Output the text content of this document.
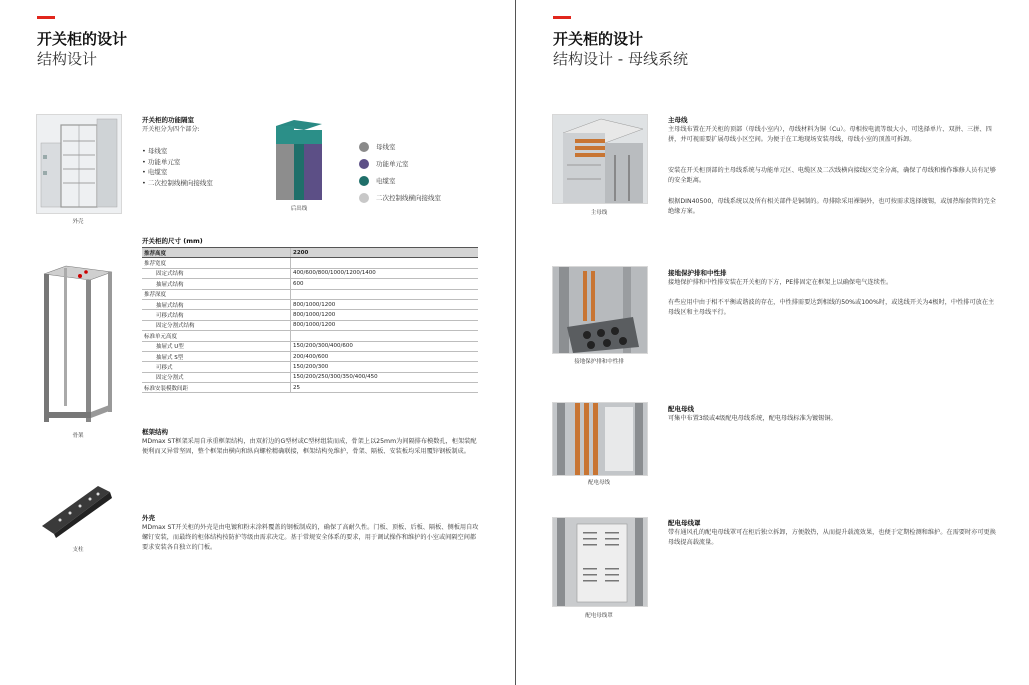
开关柜的设计
结构设计
外壳
开关柜的功能隔室
开关柜分为四个部分:
• 母线室
• 功能单元室
• 电缆室
• 二次控制线横向接线室
后出线
母线室
功能单元室
电缆室
二次控制线横向接线室
开关柜的尺寸 (mm)
推荐高度	2200
推荐宽度	
固定式结构	400/600/800/1000/1200/1400
抽屉式结构	600
推荐深度	
抽屉式结构	800/1000/1200
可移式结构	800/1000/1200
固定分割式结构	800/1000/1200
标准单元高度	
抽屉式 U型	150/200/300/400/600
抽屉式 S型	200/400/600
可移式	150/200/300
固定分割式	150/200/250/300/350/400/450
标准安装模数间距	25
骨架	框架结构
MDmax ST框架采用自承重框架结构，由双折边的G型材或C型材组装而成，骨架上以25mm为间隔排布模数孔，柜架装配便利而又异常坚固，整个框架由横向和纵向螺栓精确联接，框架结构免维护，骨架、隔板、安装板均采用覆锌钢板制成。
支柱
外壳
MDmax ST开关柜的外壳是由电镀和粉末涂料覆盖的钢板制成的，确保了高耐久性。门板、顶板、后板、隔板、侧板用自攻螺钉安装，而最终的柜体结构按防护等级由需求决定。基于常规安全体系的要求，用于调试操作和维护的小室或间隔空间都要求安装各自独立的门板。
开关柜的设计
结构设计 - 母线系统
主母线
主母线
主母线布置在开关柜的顶部（母线小室内），母线材料为铜（Cu）。母相按电流等级大小，可选择单片、双拼、三拼、四拼，并可视需要扩展母线小区空间。为便于在工地现场安装母线，母线小室的顶盖可拆卸。
安装在开关柜顶部的主母线系统与功能单元区、电缆区及二次线横向接线区完全分离，确保了母线和操作维修人员有足够的安全距离。
根据DIN40500，母线系统以及所有相关部件是铜制的。母排除采用裸铜外，也可按需求选择镀锡，或加热缩套管的完全绝缘方案。
接地保护排和中性排
接地保护排和中性排
接地保护排和中性排安装在开关柜的下方，PE排固定在框架上以确保电气连续性。
有些应用中由于相不平衡或谐波的存在，中性排需要达到相线的50%或100%时，或选线开关为4极时，中性排可放在主母线区和主母线平行。
配电母线
配电母线
可集中布置3级或4级配电母线系统，配电母线标准为镀锡铜。
配电母线罩
配电母线罩
带有通风孔的配电母线罩可在柜后独立拆卸，方便散热，从而提升载流效果，也便于定期检测和维护。在需要时亦可更换母线提高载流量。
